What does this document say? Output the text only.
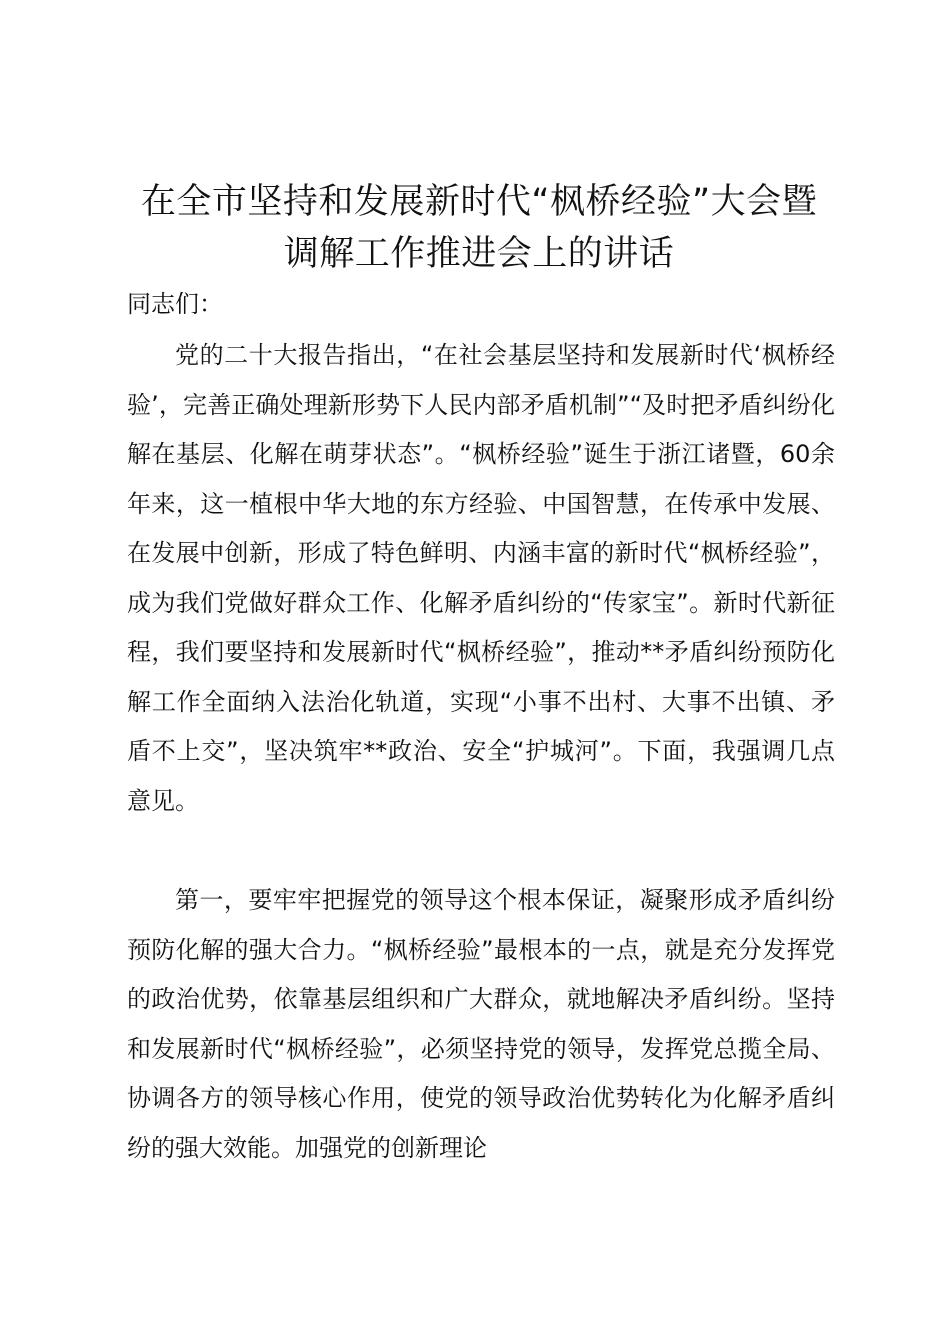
在全市坚持和发展新时代“枫桥经验”大会暨
调解工作推进会上的讲话

同志们：

党的二十大报告指出，“在社会基层坚持和发展新时代‘枫桥经验’，完善正确处理新形势下人民内部矛盾机制”“及时把矛盾纠纷化解在基层、化解在萌芽状态”。“枫桥经验”诞生于浙江诸暨，60余年来，这一植根中华大地的东方经验、中国智慧，在传承中发展、在发展中创新，形成了特色鲜明、内涵丰富的新时代“枫桥经验”，成为我们党做好群众工作、化解矛盾纠纷的“传家宝”。新时代新征程，我们要坚持和发展新时代“枫桥经验”，推动**矛盾纠纷预防化解工作全面纳入法治化轨道，实现“小事不出村、大事不出镇、矛盾不上交”，坚决筑牢**政治、安全“护城河”。下面，我强调几点意见。

第一，要牢牢把握党的领导这个根本保证，凝聚形成矛盾纠纷预防化解的强大合力。“枫桥经验”最根本的一点，就是充分发挥党的政治优势，依靠基层组织和广大群众，就地解决矛盾纠纷。坚持和发展新时代“枫桥经验”，必须坚持党的领导，发挥党总揽全局、协调各方的领导核心作用，使党的领导政治优势转化为化解矛盾纠纷的强大效能。加强党的创新理论
